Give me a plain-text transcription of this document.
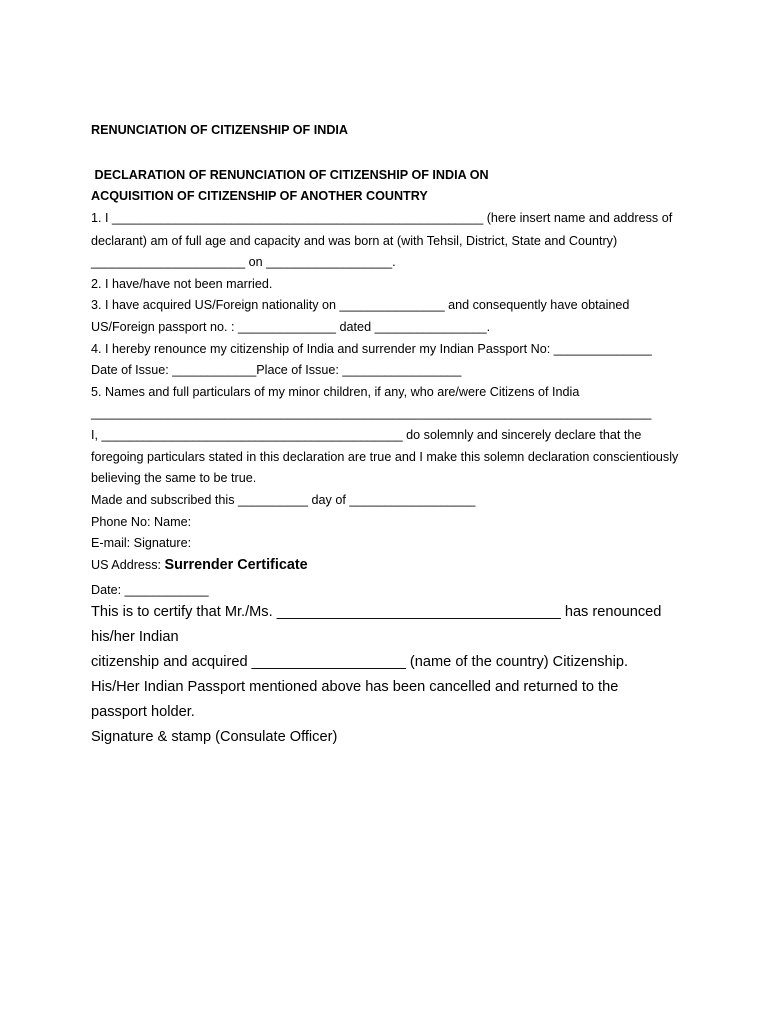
RENUNCIATION OF CITIZENSHIP OF INDIA
DECLARATION OF RENUNCIATION OF CITIZENSHIP OF INDIA ON
ACQUISITION OF CITIZENSHIP OF ANOTHER COUNTRY
1. I _____________________________________________________ (here insert name and address of
declarant) am of full age and capacity and was born at (with Tehsil, District, State and Country)
______________________ on __________________.
2. I have/have not been married.
3. I have acquired US/Foreign nationality on _______________ and consequently have obtained
US/Foreign passport no. : ______________ dated ________________.
4. I hereby renounce my citizenship of India and surrender my Indian Passport No: ______________
Date of Issue: ____________Place of Issue: _________________
5. Names and full particulars of my minor children, if any, who are/were Citizens of India
________________________________________________________________________________
I, ___________________________________________ do solemnly and sincerely declare that the
foregoing particulars stated in this declaration are true and I make this solemn declaration conscientiously
believing the same to be true.
Made and subscribed this __________ day of __________________
Phone No: Name:
E-mail: Signature:
US Address: Surrender Certificate
Date: ____________
This is to certify that Mr./Ms. ___________________________________ has renounced
his/her Indian
citizenship and acquired ___________________ (name of the country) Citizenship.
His/Her Indian Passport mentioned above has been cancelled and returned to the
passport holder.
Signature & stamp (Consulate Officer)
